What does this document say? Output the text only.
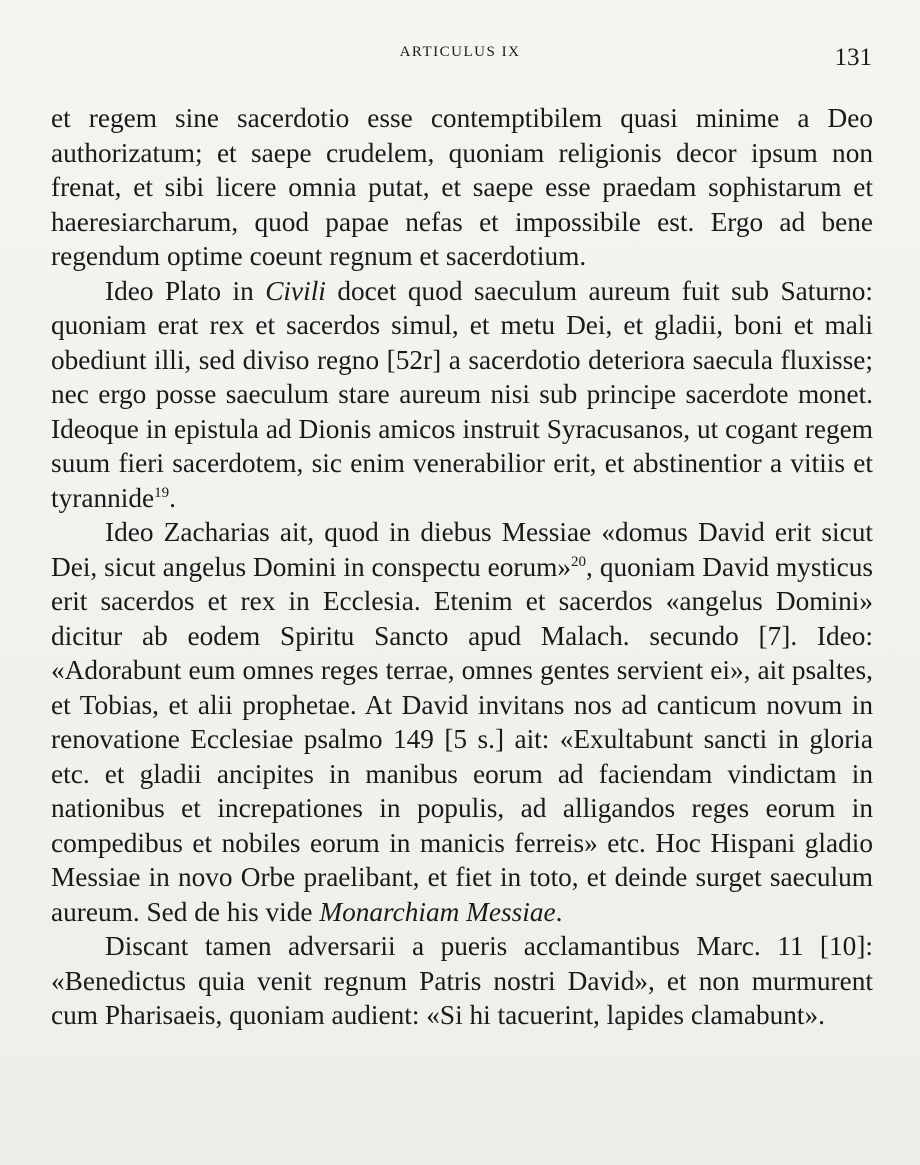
ARTICULUS IX	131

et regem sine sacerdotio esse contemptibilem quasi minime a Deo authorizatum; et saepe crudelem, quoniam religionis decor ipsum non frenat, et sibi licere omnia putat, et saepe esse praedam sophistarum et haeresiarcharum, quod papae nefas et impossibile est. Ergo ad bene regendum optime coeunt regnum et sacerdotium.

Ideo Plato in Civili docet quod saeculum aureum fuit sub Saturno: quoniam erat rex et sacerdos simul, et metu Dei, et gladii, boni et mali obediunt illi, sed diviso regno [52r] a sacerdotio deteriora saecula fluxisse; nec ergo posse saeculum stare aureum nisi sub principe sacerdote monet. Ideoque in epistula ad Dionis amicos instruit Syracusanos, ut cogant regem suum fieri sacerdotem, sic enim venerabilior erit, et abstinentior a vitiis et tyrannide$^{19}$.

Ideo Zacharias ait, quod in diebus Messiae «domus David erit sicut Dei, sicut angelus Domini in conspectu eorum»$^{20}$, quoniam David mysticus erit sacerdos et rex in Ecclesia. Etenim et sacerdos «angelus Domini» dicitur ab eodem Spiritu Sancto apud Malach. secundo [7]. Ideo: «Adorabunt eum omnes reges terrae, omnes gentes servient ei», ait psaltes, et Tobias, et alii prophetae. At David invitans nos ad canticum novum in renovatione Ecclesiae psalmo 149 [5 s.] ait: «Exultabunt sancti in gloria etc. et gladii ancipites in manibus eorum ad faciendam vindictam in nationibus et increpationes in populis, ad alligandos reges eorum in compedibus et nobiles eorum in manicis ferreis» etc. Hoc Hispani gladio Messiae in novo Orbe praelibant, et fiet in toto, et deinde surget saeculum aureum. Sed de his vide Monarchiam Messiae.

Discant tamen adversarii a pueris acclamantibus Marc. 11 [10]: «Benedictus quia venit regnum Patris nostri David», et non murmurent cum Pharisaeis, quoniam audient: «Si hi tacuerint, lapides clamabunt».
